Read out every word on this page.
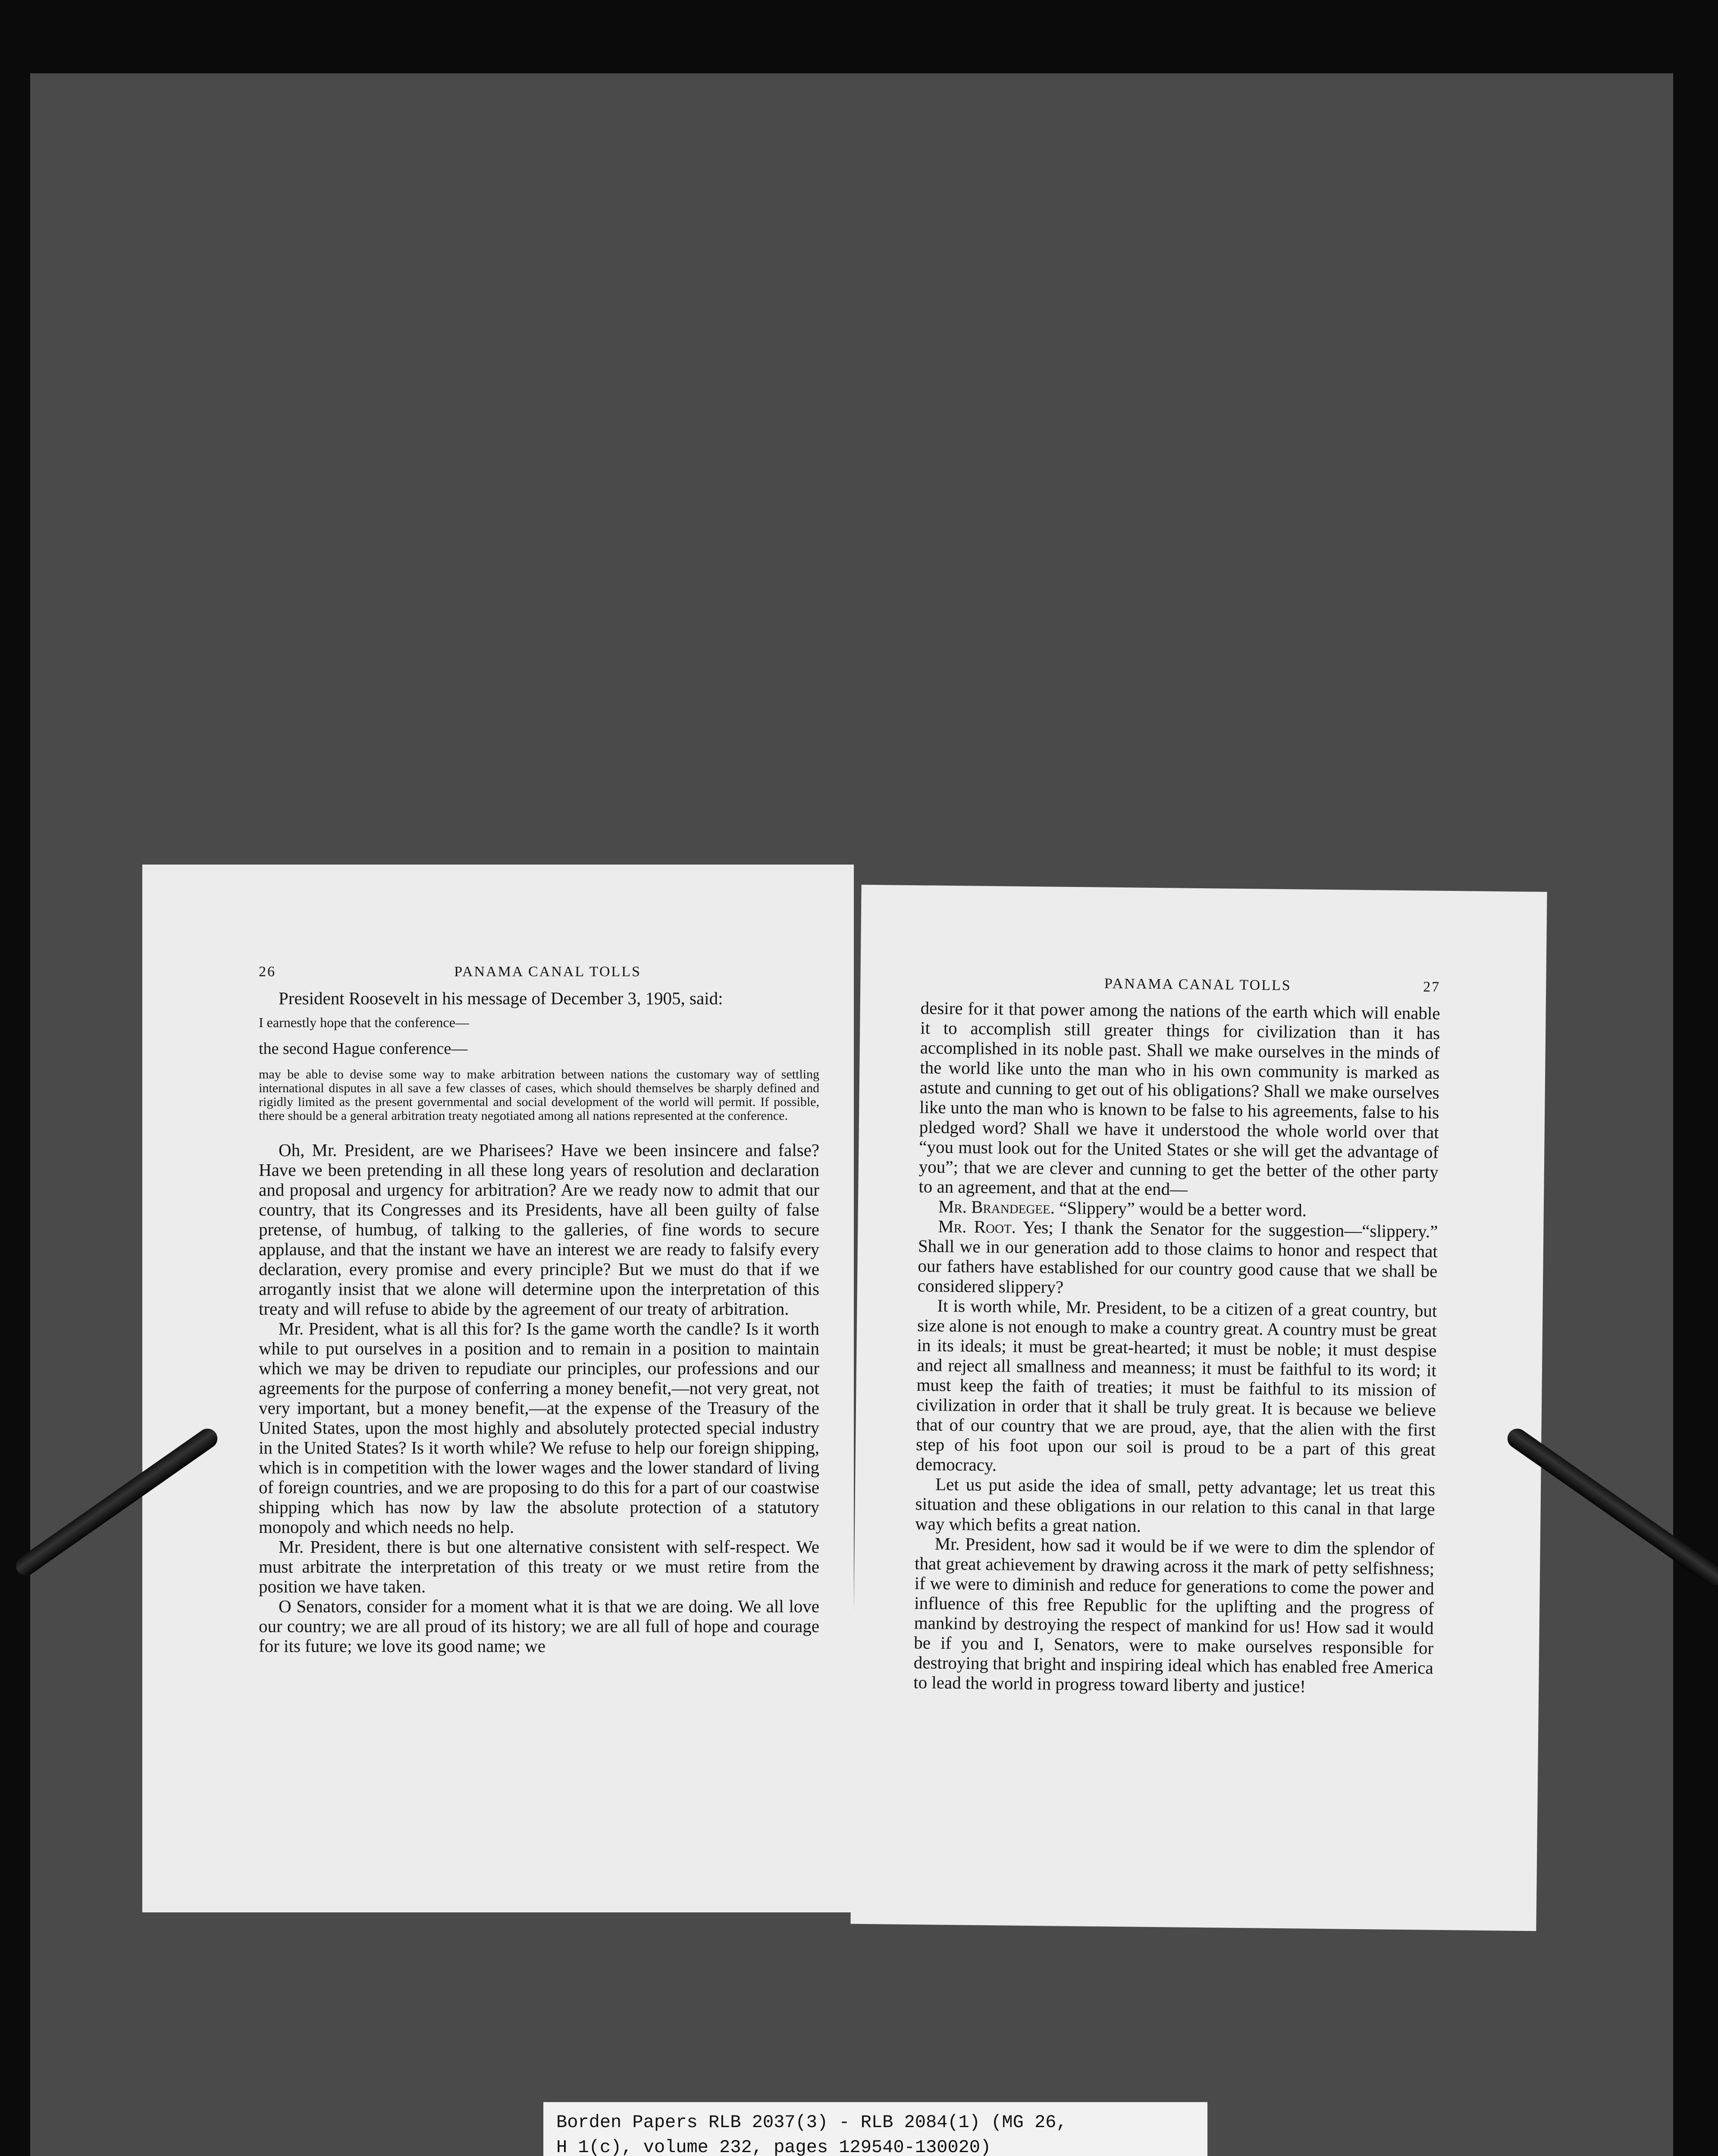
26	PANAMA CANAL TOLLS

President Roosevelt in his message of December 3, 1905, said:

I earnestly hope that the conference—

the second Hague conference—

may be able to devise some way to make arbitration between nations the customary way of settling international disputes in all save a few classes of cases, which should themselves be sharply defined and rigidly limited as the present governmental and social development of the world will permit. If possible, there should be a general arbitration treaty negotiated among all nations represented at the conference.

Oh, Mr. President, are we Pharisees? Have we been insincere and false? Have we been pretending in all these long years of resolution and declaration and proposal and urgency for arbitration? Are we ready now to admit that our country, that its Congresses and its Presidents, have all been guilty of false pretense, of humbug, of talking to the galleries, of fine words to secure applause, and that the instant we have an interest we are ready to falsify every declaration, every promise and every principle? But we must do that if we arrogantly insist that we alone will determine upon the interpretation of this treaty and will refuse to abide by the agreement of our treaty of arbitration.

Mr. President, what is all this for? Is the game worth the candle? Is it worth while to put ourselves in a position and to remain in a position to maintain which we may be driven to repudiate our principles, our professions and our agreements for the purpose of conferring a money benefit,—not very great, not very important, but a money benefit,—at the expense of the Treasury of the United States, upon the most highly and absolutely protected special industry in the United States? Is it worth while? We refuse to help our foreign shipping, which is in competition with the lower wages and the lower standard of living of foreign countries, and we are proposing to do this for a part of our coastwise shipping which has now by law the absolute protection of a statutory monopoly and which needs no help.

Mr. President, there is but one alternative consistent with self-respect. We must arbitrate the interpretation of this treaty or we must retire from the position we have taken.

O Senators, consider for a moment what it is that we are doing. We all love our country; we are all proud of its history; we are all full of hope and courage for its future; we love its good name; we

PANAMA CANAL TOLLS	27

desire for it that power among the nations of the earth which will enable it to accomplish still greater things for civilization than it has accomplished in its noble past. Shall we make ourselves in the minds of the world like unto the man who in his own community is marked as astute and cunning to get out of his obligations? Shall we make ourselves like unto the man who is known to be false to his agreements, false to his pledged word? Shall we have it understood the whole world over that “you must look out for the United States or she will get the advantage of you”; that we are clever and cunning to get the better of the other party to an agreement, and that at the end—

Mr. Brandegee. “Slippery” would be a better word.

Mr. Root. Yes; I thank the Senator for the suggestion—“slippery.” Shall we in our generation add to those claims to honor and respect that our fathers have established for our country good cause that we shall be considered slippery?

It is worth while, Mr. President, to be a citizen of a great country, but size alone is not enough to make a country great. A country must be great in its ideals; it must be great-hearted; it must be noble; it must despise and reject all smallness and meanness; it must be faithful to its word; it must keep the faith of treaties; it must be faithful to its mission of civilization in order that it shall be truly great. It is because we believe that of our country that we are proud, aye, that the alien with the first step of his foot upon our soil is proud to be a part of this great democracy.

Let us put aside the idea of small, petty advantage; let us treat this situation and these obligations in our relation to this canal in that large way which befits a great nation.

Mr. President, how sad it would be if we were to dim the splendor of that great achievement by drawing across it the mark of petty selfishness; if we were to diminish and reduce for generations to come the power and influence of this free Republic for the uplifting and the progress of mankind by destroying the respect of mankind for us! How sad it would be if you and I, Senators, were to make ourselves responsible for destroying that bright and inspiring ideal which has enabled free America to lead the world in progress toward liberty and justice!

Borden Papers RLB 2037(3) - RLB 2084(1) (MG 26,
H 1(c), volume 232, pages 129540-130020)
